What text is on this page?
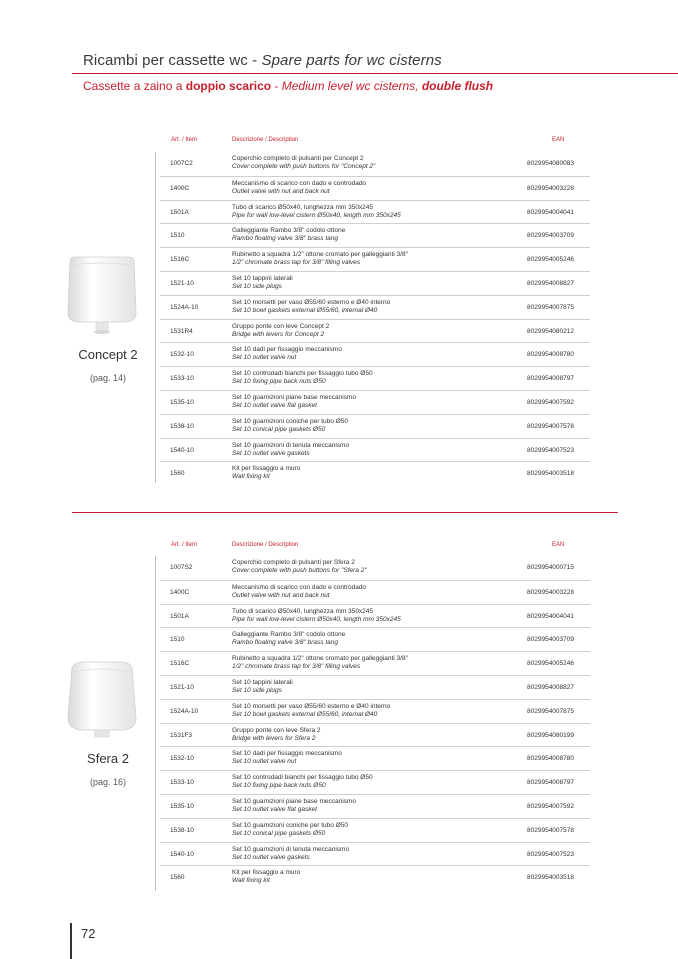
Ricambi per cassette wc - Spare parts for wc cisterns
Cassette a zaino a doppio scarico - Medium level wc cisterns, double flush
Art. / Item	Descrizione / Description	EAN
Concept 2
(pag. 14)
1007C2
Coperchio completo di pulsanti per Concept 2
Cover complete with push buttons for "Concept 2"	8029954080083
1400C
Meccanismo di scarico con dado e controdado
Outlet valve with nut and back nut	8029954003228
1501A
Tubo di scarico Ø50x40, lunghezza mm 350x245
Pipe for wall low-level cistern Ø50x40, length mm 350x245	8029954004041
1510
Galleggiante Rambo 3/8" codolo ottone
Rambo floating valve 3/8" brass tang	8029954003709
1516C
Rubinetto a squadra 1/2" ottone cromato per galleggianti 3/8"
1/2" chromate brass tap for 3/8" filling valves	8029954005246
1521-10
Set 10 tappini laterali
Set 10 side plugs	8029954008827
1524A-10
Set 10 morsetti per vaso Ø55/60 esterno e Ø40 interno
Set 10 bowl gaskets external Ø55/60, internal Ø40	8029954007875
1531R4
Gruppo ponte con leve Concept 2
Bridge with levers for Concept 2	8029954080212
1532-10
Set 10 dadi per fissaggio meccanismo
Set 10 outlet valve nut	8029954008780
1533-10
Set 10 controdadi bianchi per fissaggio tubo Ø50
Set 10 fixing pipe back nuts Ø50	8029954008797
1535-10
Set 10 guarnizioni piane base meccanismo
Set 10 outlet valve flat gasket	8029954007592
1538-10
Set 10 guarnizioni coniche per tubo Ø50
Set 10 conical pipe gaskets Ø50	8029954007578
1540-10
Set 10 guarnizioni di tenuta meccanismo
Set 10 outlet valve gaskets	8029954007523
1560
Kit per fissaggio a muro
Wall fixing kit	8029954003518
Art. / Item	Descrizione / Description	EAN
Sfera 2
(pag. 16)
1007S2
Coperchio completo di pulsanti per Sfera 2
Cover complete with push buttons for "Sfera 2"	8029954000715
1400C
Meccanismo di scarico con dado e controdado
Outlet valve with nut and back nut	8029954003228
1501A
Tubo di scarico Ø50x40, lunghezza mm 350x245
Pipe for wall low-level cistern Ø50x40, length mm 350x245	8029954004041
1510
Galleggiante Rambo 3/8" codolo ottone
Rambo floating valve 3/8" brass tang	8029954003709
1516C
Rubinetto a squadra 1/2" ottone cromato per galleggianti 3/8"
1/2" chromate brass tap for 3/8" filling valves	8029954005246
1521-10
Set 10 tappini laterali
Set 10 side plugs	8029954008827
1524A-10
Set 10 morsetti per vaso Ø55/60 esterno e Ø40 interno
Set 10 bowl gaskets external Ø55/60, internal Ø40	8029954007875
1531F3
Gruppo ponte con leve Sfera 2
Bridge with levers for Sfera 2	8029954080199
1532-10
Set 10 dadi per fissaggio meccanismo
Set 10 outlet valve nut	8029954008780
1533-10
Set 10 controdadi bianchi per fissaggio tubo Ø50
Set 10 fixing pipe back nuts Ø50	8029954008797
1535-10
Set 10 guarnizioni piane base meccanismo
Set 10 outlet valve flat gasket	8029954007592
1538-10
Set 10 guarnizioni coniche per tubo Ø50
Set 10 conical pipe gaskets Ø50	8029954007578
1540-10
Set 10 guarnizioni di tenuta meccanismo
Set 10 outlet valve gaskets	8029954007523
1560
Kit per fissaggio a muro
Wall fixing kit	8029954003518
72
